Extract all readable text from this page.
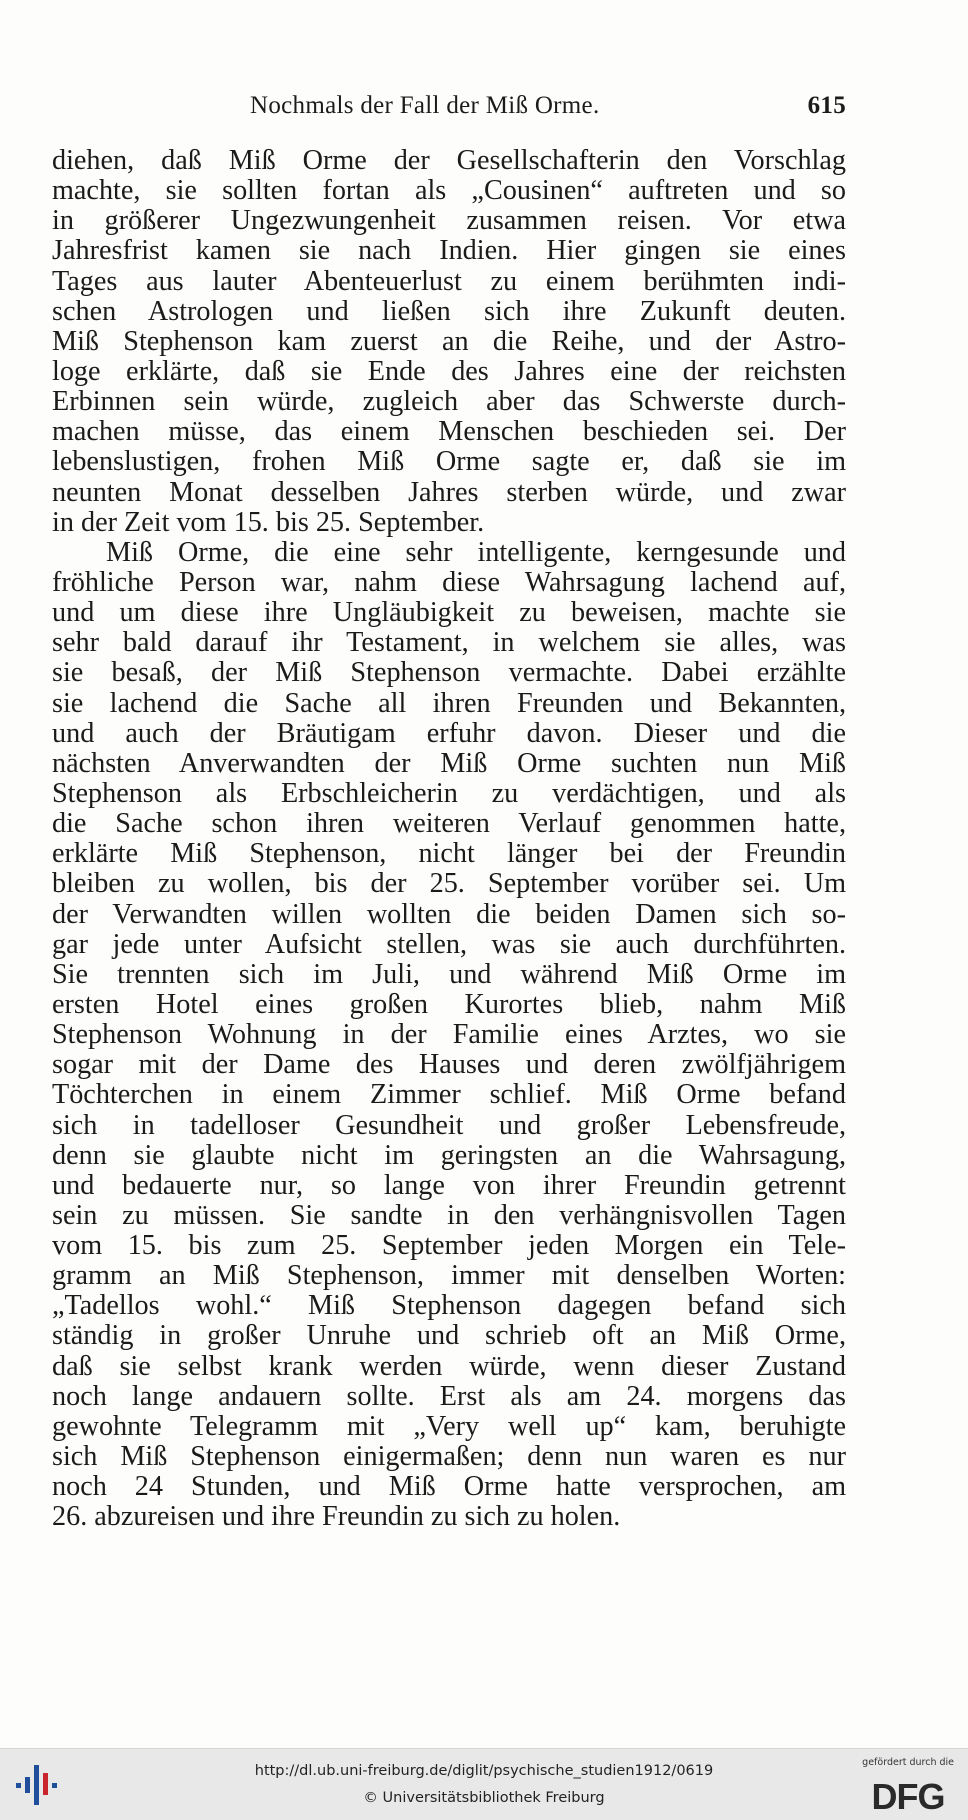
Nochmals der Fall der Miß Orme.	615
diehen, daß Miß Orme der Gesellschafterin den Vorschlag
machte, sie sollten fortan als „Cousinen“ auftreten und so
in größerer Ungezwungenheit zusammen reisen. Vor etwa
Jahresfrist kamen sie nach Indien. Hier gingen sie eines
Tages aus lauter Abenteuerlust zu einem berühmten indi-
schen Astrologen und ließen sich ihre Zukunft deuten.
Miß Stephenson kam zuerst an die Reihe, und der Astro-
loge erklärte, daß sie Ende des Jahres eine der reichsten
Erbinnen sein würde, zugleich aber das Schwerste durch-
machen müsse, das einem Menschen beschieden sei. Der
lebenslustigen, frohen Miß Orme sagte er, daß sie im
neunten Monat desselben Jahres sterben würde, und zwar
in der Zeit vom 15. bis 25. September.
Miß Orme, die eine sehr intelligente, kerngesunde und
fröhliche Person war, nahm diese Wahrsagung lachend auf,
und um diese ihre Ungläubigkeit zu beweisen, machte sie
sehr bald darauf ihr Testament, in welchem sie alles, was
sie besaß, der Miß Stephenson vermachte. Dabei erzählte
sie lachend die Sache all ihren Freunden und Bekannten,
und auch der Bräutigam erfuhr davon. Dieser und die
nächsten Anverwandten der Miß Orme suchten nun Miß
Stephenson als Erbschleicherin zu verdächtigen, und als
die Sache schon ihren weiteren Verlauf genommen hatte,
erklärte Miß Stephenson, nicht länger bei der Freundin
bleiben zu wollen, bis der 25. September vorüber sei. Um
der Verwandten willen wollten die beiden Damen sich so-
gar jede unter Aufsicht stellen, was sie auch durchführten.
Sie trennten sich im Juli, und während Miß Orme im
ersten Hotel eines großen Kurortes blieb, nahm Miß
Stephenson Wohnung in der Familie eines Arztes, wo sie
sogar mit der Dame des Hauses und deren zwölfjährigem
Töchterchen in einem Zimmer schlief. Miß Orme befand
sich in tadelloser Gesundheit und großer Lebensfreude,
denn sie glaubte nicht im geringsten an die Wahrsagung,
und bedauerte nur, so lange von ihrer Freundin getrennt
sein zu müssen. Sie sandte in den verhängnisvollen Tagen
vom 15. bis zum 25. September jeden Morgen ein Tele-
gramm an Miß Stephenson, immer mit denselben Worten:
„Tadellos wohl.“ Miß Stephenson dagegen befand sich
ständig in großer Unruhe und schrieb oft an Miß Orme,
daß sie selbst krank werden würde, wenn dieser Zustand
noch lange andauern sollte. Erst als am 24. morgens das
gewohnte Telegramm mit „Very well up“ kam, beruhigte
sich Miß Stephenson einigermaßen; denn nun waren es nur
noch 24 Stunden, und Miß Orme hatte versprochen, am
26. abzureisen und ihre Freundin zu sich zu holen.
http://dl.ub.uni-freiburg.de/diglit/psychische_studien1912/0619
© Universitätsbibliothek Freiburg
gefördert durch die
DFG
